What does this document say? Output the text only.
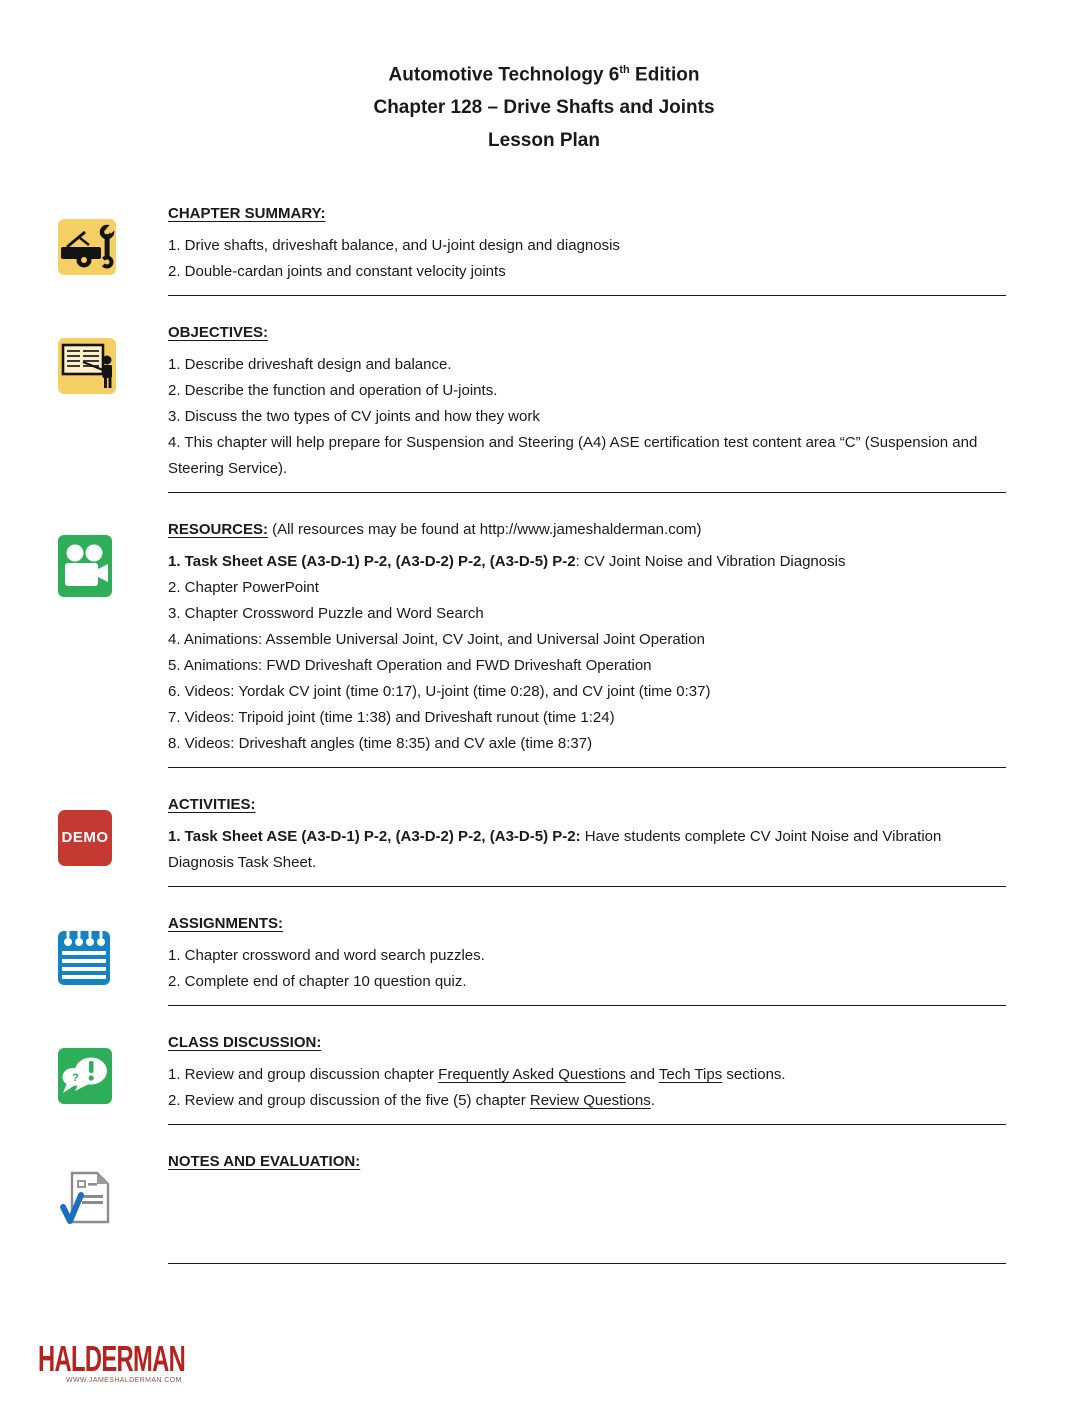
Automotive Technology 6th Edition
Chapter 128 – Drive Shafts and Joints
Lesson Plan
CHAPTER SUMMARY:
1. Drive shafts, driveshaft balance, and U-joint design and diagnosis
2. Double-cardan joints and constant velocity joints
OBJECTIVES:
1. Describe driveshaft design and balance.
2. Describe the function and operation of U-joints.
3. Discuss the two types of CV joints and how they work
4. This chapter will help prepare for Suspension and Steering (A4) ASE certification test content area “C” (Suspension and Steering Service).
RESOURCES: (All resources may be found at http://www.jameshalderman.com)
1. Task Sheet ASE (A3-D-1) P-2, (A3-D-2) P-2, (A3-D-5) P-2: CV Joint Noise and Vibration Diagnosis
2. Chapter PowerPoint
3. Chapter Crossword Puzzle and Word Search
4. Animations: Assemble Universal Joint, CV Joint, and Universal Joint Operation
5. Animations: FWD Driveshaft Operation and FWD Driveshaft Operation
6. Videos: Yordak CV joint (time 0:17), U-joint (time 0:28), and CV joint (time 0:37)
7. Videos: Tripoid joint (time 1:38) and Driveshaft runout (time 1:24)
8. Videos: Driveshaft angles (time 8:35) and CV axle (time 8:37)
DEMO
ACTIVITIES:
1. Task Sheet ASE (A3-D-1) P-2, (A3-D-2) P-2, (A3-D-5) P-2: Have students complete CV Joint Noise and Vibration Diagnosis Task Sheet.
ASSIGNMENTS:
1. Chapter crossword and word search puzzles.
2. Complete end of chapter 10 question quiz.
?
CLASS DISCUSSION:
1. Review and group discussion chapter Frequently Asked Questions and Tech Tips sections.
2. Review and group discussion of the five (5) chapter Review Questions.
NOTES AND EVALUATION:
HALDERMAN
WWW.JAMESHALDERMAN.COM
